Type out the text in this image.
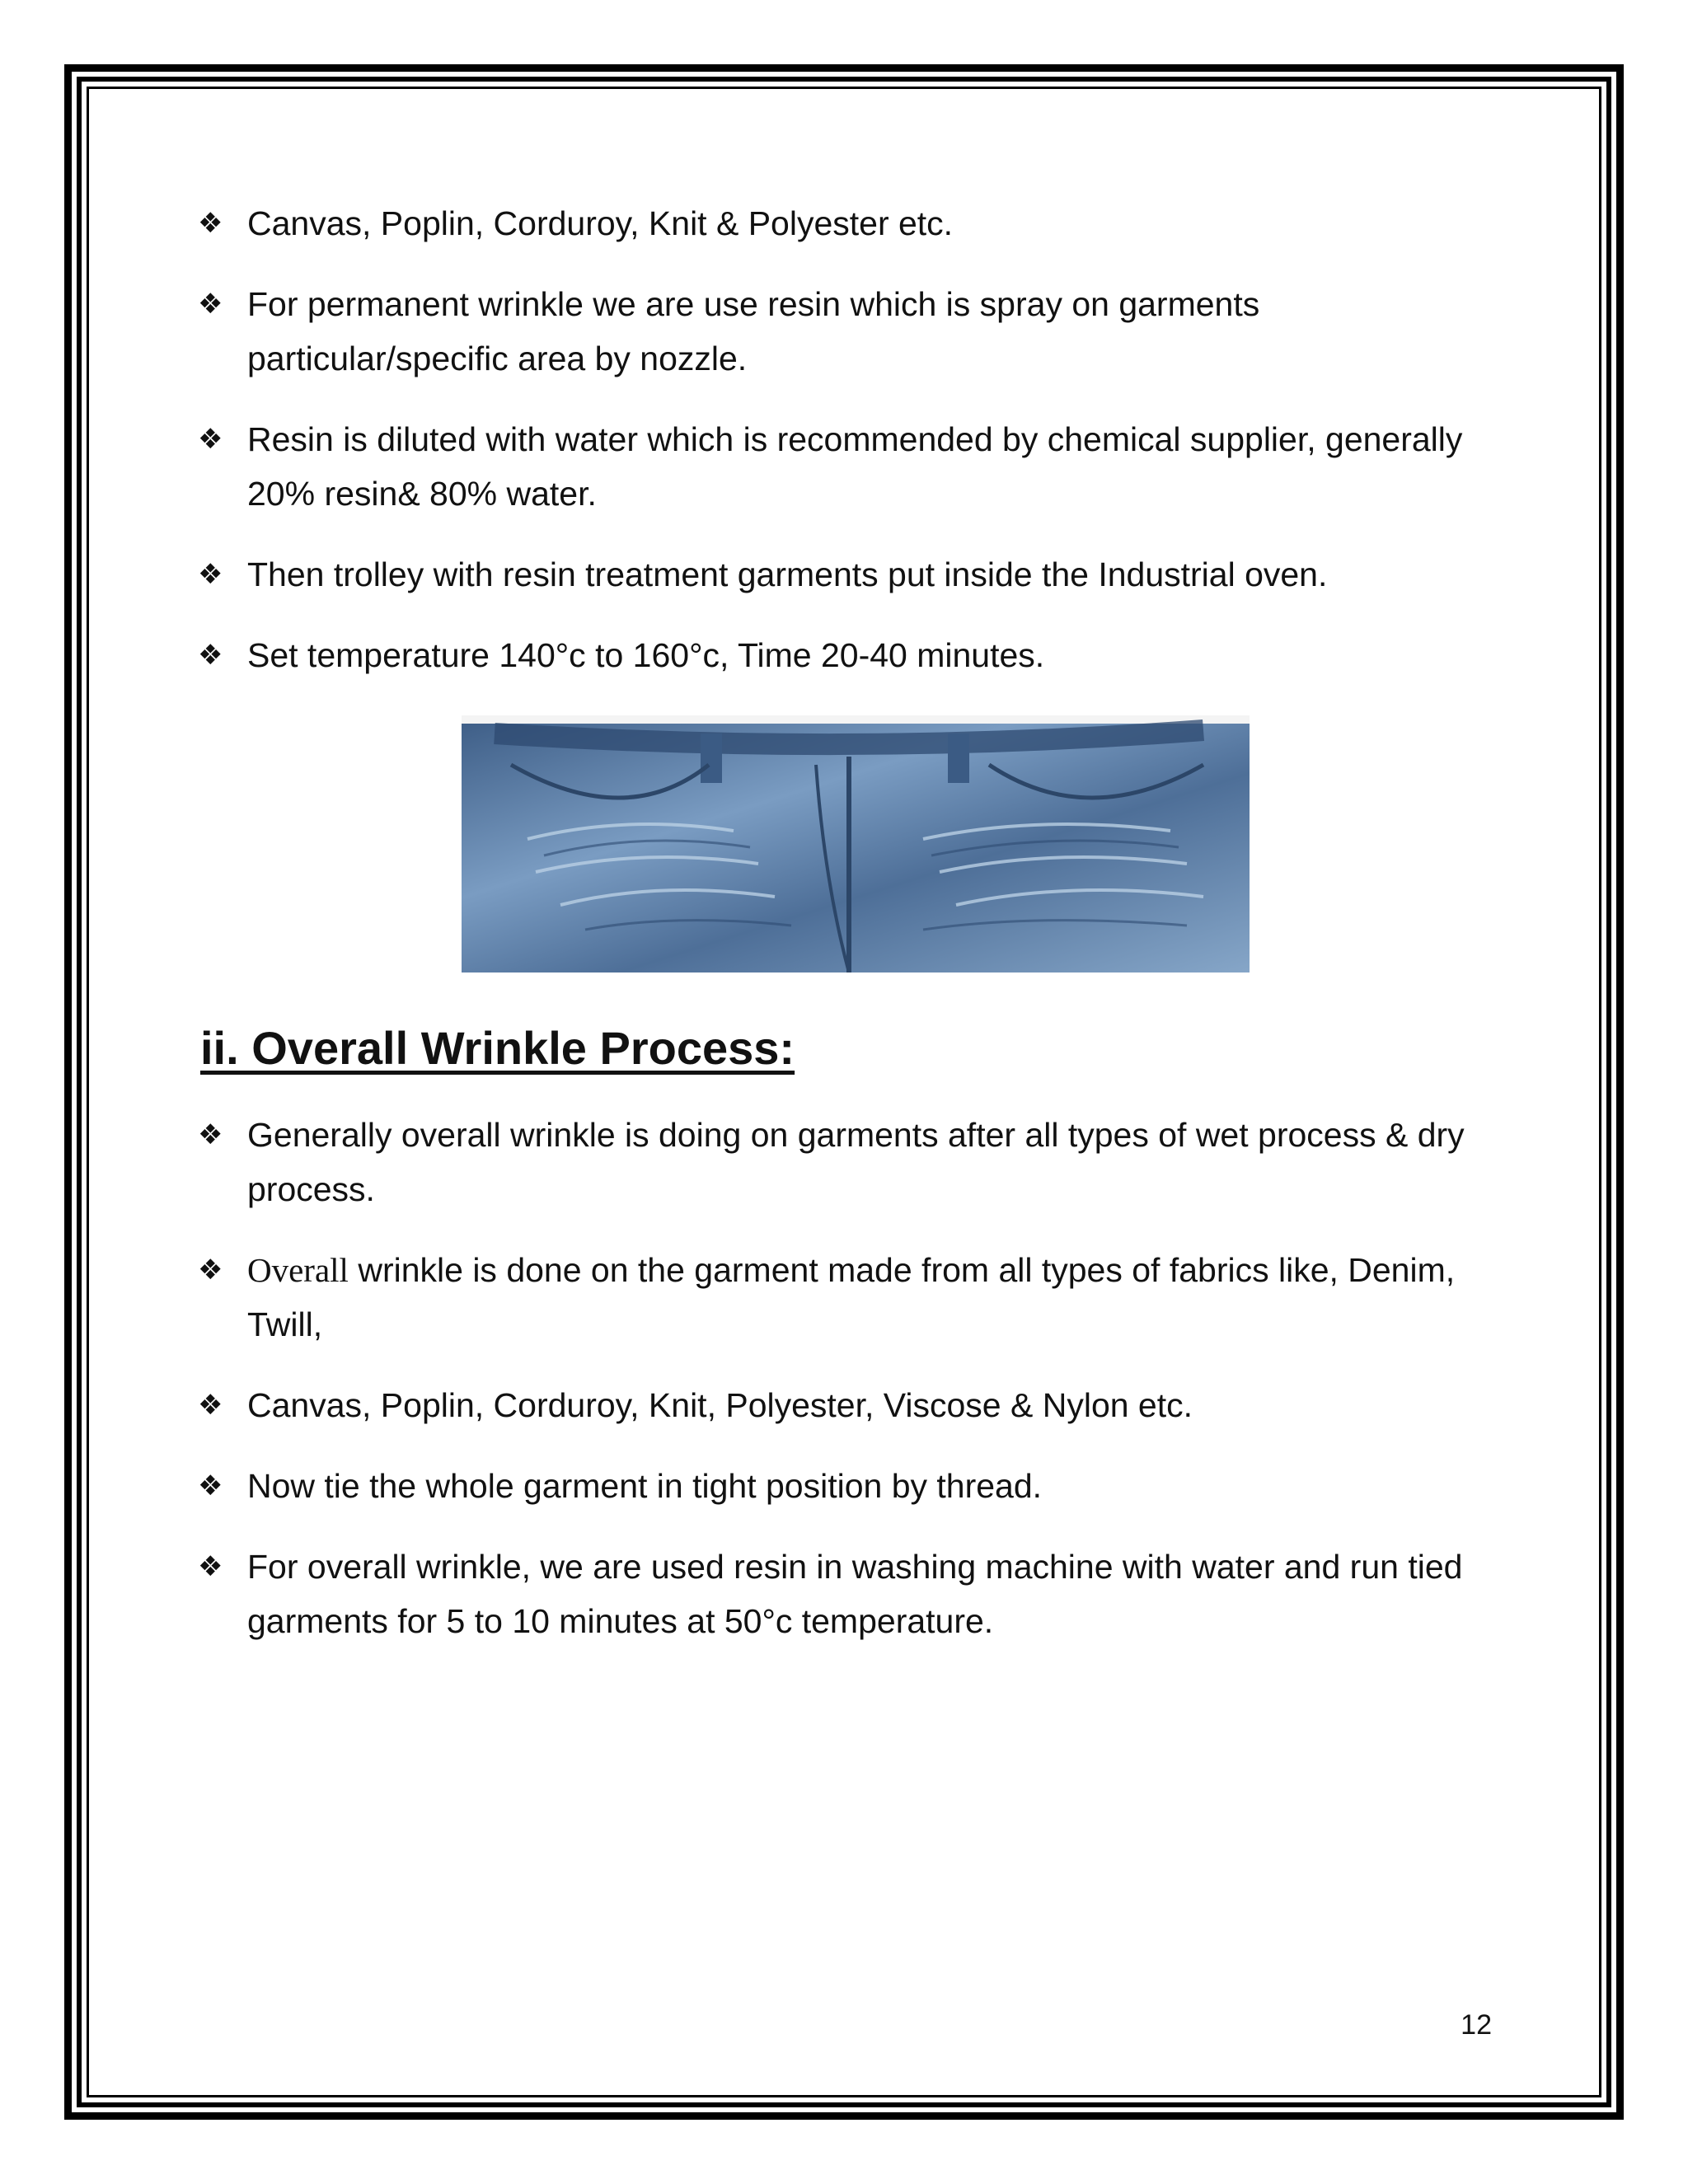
❖ Canvas, Poplin, Corduroy, Knit & Polyester etc.
❖ For permanent wrinkle we are use resin which is spray on garments particular/specific area by nozzle.
❖ Resin is diluted with water which is recommended by chemical supplier, generally 20% resin& 80% water.
❖ Then trolley with resin treatment garments put inside the Industrial oven.
❖ Set temperature 140°c to 160°c, Time 20-40 minutes.
ii. Overall Wrinkle Process:
❖ Generally overall wrinkle is doing on garments after all types of wet process & dry process.
❖ Overall wrinkle is done on the garment made from all types of fabrics like, Denim, Twill,
❖ Canvas, Poplin, Corduroy, Knit, Polyester, Viscose & Nylon etc.
❖ Now tie the whole garment in tight position by thread.
❖ For overall wrinkle, we are used resin in washing machine with water and run tied garments for 5 to 10 minutes at 50°c temperature.
12
